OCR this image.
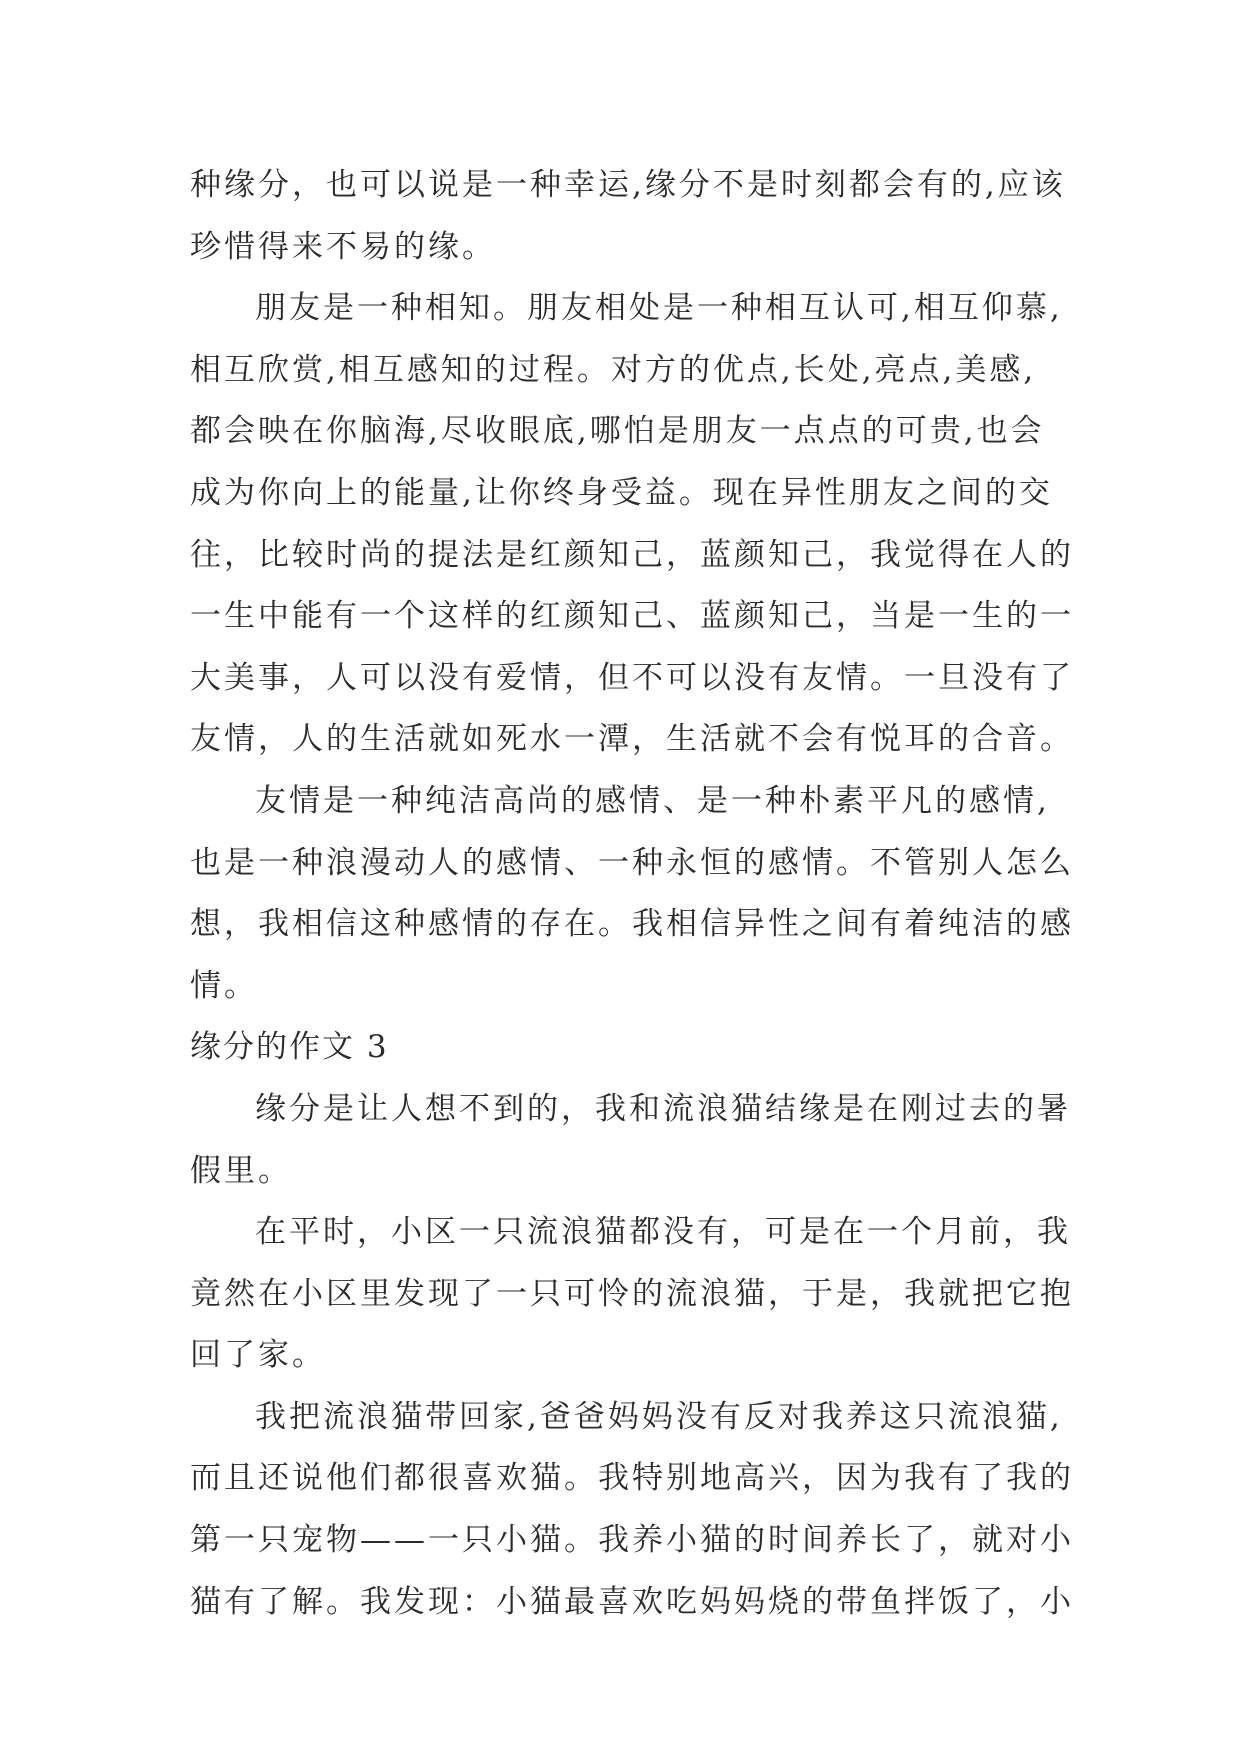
种缘分，也可以说是一种幸运,缘分不是时刻都会有的,应该
珍惜得来不易的缘。
朋友是一种相知。朋友相处是一种相互认可,相互仰慕,
相互欣赏,相互感知的过程。对方的优点,长处,亮点,美感,
都会映在你脑海,尽收眼底,哪怕是朋友一点点的可贵,也会
成为你向上的能量,让你终身受益。现在异性朋友之间的交
往，比较时尚的提法是红颜知己，蓝颜知己，我觉得在人的
一生中能有一个这样的红颜知己、蓝颜知己，当是一生的一
大美事，人可以没有爱情，但不可以没有友情。一旦没有了
友情，人的生活就如死水一潭，生活就不会有悦耳的合音。
友情是一种纯洁高尚的感情、是一种朴素平凡的感情,
也是一种浪漫动人的感情、一种永恒的感情。不管别人怎么
想，我相信这种感情的存在。我相信异性之间有着纯洁的感
情。
缘分的作文 3
缘分是让人想不到的，我和流浪猫结缘是在刚过去的暑
假里。
在平时，小区一只流浪猫都没有，可是在一个月前，我
竟然在小区里发现了一只可怜的流浪猫，于是，我就把它抱
回了家。
我把流浪猫带回家,爸爸妈妈没有反对我养这只流浪猫,
而且还说他们都很喜欢猫。我特别地高兴，因为我有了我的
第一只宠物——一只小猫。我养小猫的时间养长了，就对小
猫有了解。我发现：小猫最喜欢吃妈妈烧的带鱼拌饭了，小
